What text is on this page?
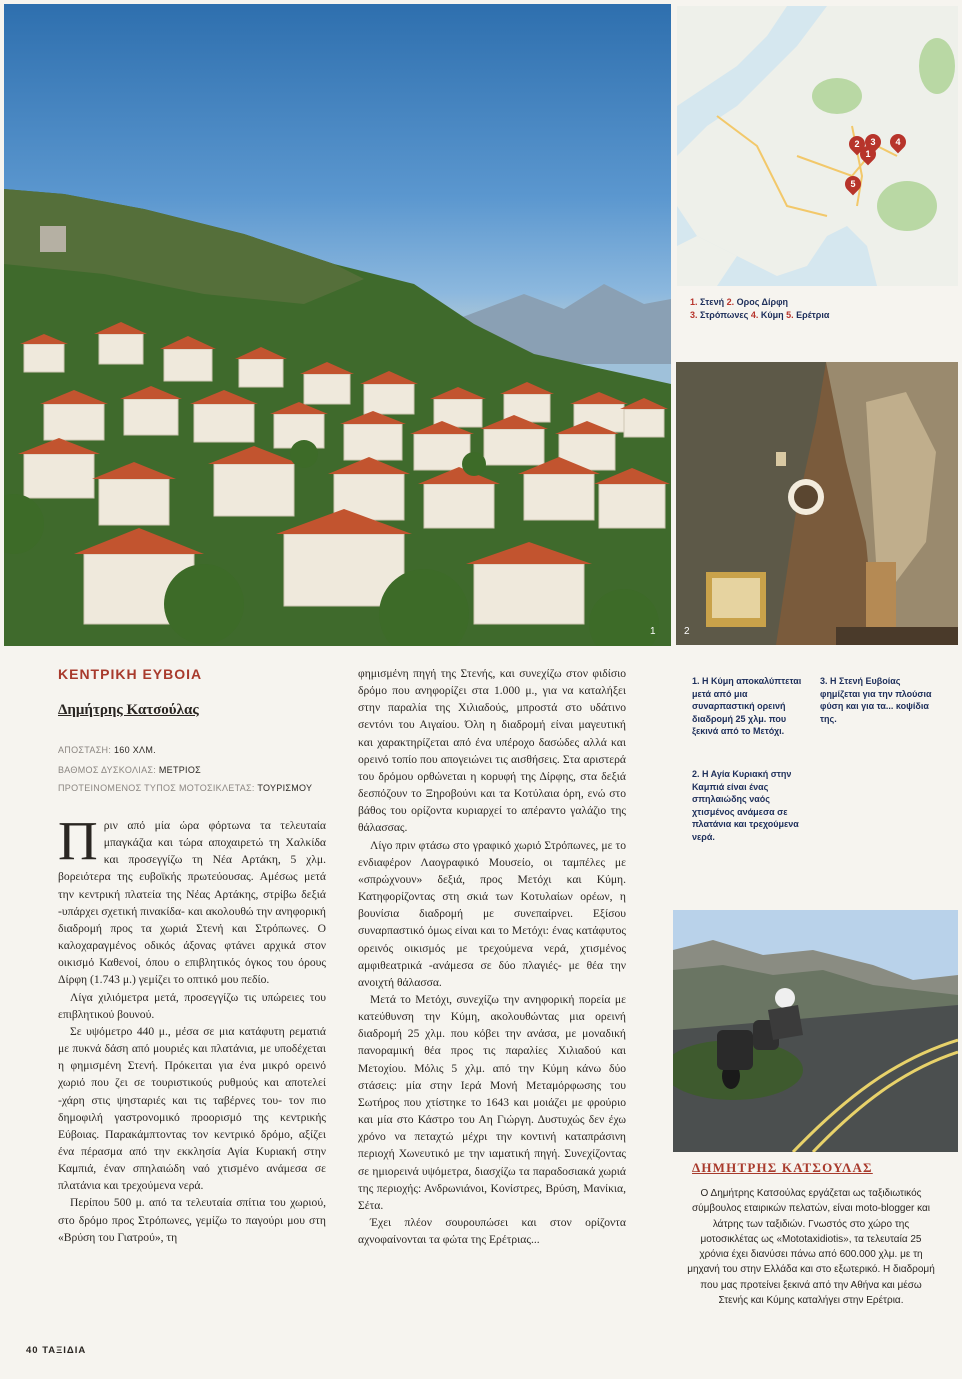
1
2
1
3	4
5
1. Στενή 2. Ορος Δίρφη
3. Στρόπωνες 4. Κύμη 5. Ερέτρια
2
ΚΕΝΤΡΙΚΗ ΕΥΒΟΙΑ
Δημήτρης Κατσούλας
ΑΠΟΣΤΑΣΗ: 160 ΧΛΜ.
ΒΑΘΜΟΣ ΔΥΣΚΟΛΙΑΣ: ΜΕΤΡΙΟΣ
ΠΡΟΤΕΙΝΟΜΕΝΟΣ ΤΥΠΟΣ ΜΟΤΟΣΙΚΛΕΤΑΣ: ΤΟΥΡΙΣΜΟΥ

Πριν από μία ώρα φόρτωνα τα τελευταία μπαγκάζια και τώρα αποχαιρετώ τη Χαλκίδα και προσεγγίζω τη Νέα Αρτάκη, 5 χλμ. βορειότερα της ευβοϊκής πρωτεύουσας. Αμέσως μετά την κεντρική πλατεία της Νέας Αρτάκης, στρίβω δεξιά -υπάρχει σχετική πινακίδα- και ακολουθώ την ανηφορική διαδρομή προς τα χωριά Στενή και Στρόπωνες. Ο καλοχαραγμένος οδικός άξονας φτάνει αρχικά στον οικισμό Καθενοί, όπου ο επιβλητικός όγκος του όρους Δίρφη (1.743 μ.) γεμίζει το οπτικό μου πεδίο.

Λίγα χιλιόμετρα μετά, προσεγγίζω τις υπώρειες του επιβλητικού βουνού.

Σε υψόμετρο 440 μ., μέσα σε μια κατάφυτη ρεματιά με πυκνά δάση από μουριές και πλατάνια, με υποδέχεται η φημισμένη Στενή. Πρόκειται για ένα μικρό ορεινό χωριό που ζει σε τουριστικούς ρυθμούς και αποτελεί -χάρη στις ψησταριές και τις ταβέρνες του- τον πιο δημοφιλή γαστρονομικό προορισμό της κεντρικής Εύβοιας. Παρακάμπτοντας τον κεντρικό δρόμο, αξίζει ένα πέρασμα από την εκκλησία Αγία Κυριακή στην Καμπιά, έναν σπηλαιώδη ναό χτισμένο ανάμεσα σε πλατάνια και τρεχούμενα νερά.

Περίπου 500 μ. από τα τελευταία σπίτια του χωριού, στο δρόμο προς Στρόπωνες, γεμίζω το παγούρι μου στη «Βρύση του Γιατρού», τη

φημισμένη πηγή της Στενής, και συνεχίζω στον φιδίσιο δρόμο που ανηφορίζει στα 1.000 μ., για να καταλήξει στην παραλία της Χιλιαδούς, μπροστά στο υδάτινο σεντόνι του Αιγαίου. Όλη η διαδρομή είναι μαγευτική και χαρακτηρίζεται από ένα υπέροχο δασώδες αλλά και ορεινό τοπίο που απογειώνει τις αισθήσεις. Στα αριστερά του δρόμου ορθώνεται η κορυφή της Δίρφης, στα δεξιά δεσπόζουν το Ξηροβούνι και τα Κοτύλαια όρη, ενώ στο βάθος του ορίζοντα κυριαρχεί το απέραντο γαλάζιο της θάλασσας.

Λίγο πριν φτάσω στο γραφικό χωριό Στρόπωνες, με το ενδιαφέρον Λαογραφικό Μουσείο, οι ταμπέλες με «σπρώχνουν» δεξιά, προς Μετόχι και Κύμη. Κατηφορίζοντας στη σκιά των Κοτυλαίων ορέων, η βουνίσια διαδρομή με συνεπαίρνει. Εξίσου συναρπαστικό όμως είναι και το Μετόχι: ένας κατάφυτος ορεινός οικισμός με τρεχούμενα νερά, χτισμένος αμφιθεατρικά -ανάμεσα σε δύο πλαγιές- με θέα την ανοιχτή θάλασσα.

Μετά το Μετόχι, συνεχίζω την ανηφορική πορεία με κατεύθυνση την Κύμη, ακολουθώντας μια ορεινή διαδρομή 25 χλμ. που κόβει την ανάσα, με μοναδική πανοραμική θέα προς τις παραλίες Χιλιαδού και Μετοχίου. Μόλις 5 χλμ. από την Κύμη κάνω δύο στάσεις: μία στην Ιερά Μονή Μεταμόρφωσης του Σωτήρος που χτίστηκε το 1643 και μοιάζει με φρούριο και μία στο Κάστρο του Αη Γιώργη. Δυστυχώς δεν έχω χρόνο να πεταχτώ μέχρι την κοντινή καταπράσινη περιοχή Χωνευτικό με την ιαματική πηγή. Συνεχίζοντας σε ημιορεινά υψόμετρα, διασχίζω τα παραδοσιακά χωριά της περιοχής: Ανδρωνιάνοι, Κονίστρες, Βρύση, Μανίκια, Σέτα.

Έχει πλέον σουρουπώσει και στον ορίζοντα αχνοφαίνονται τα φώτα της Ερέτριας...

1. Η Κύμη αποκαλύπτεται μετά από μια συναρπαστική ορεινή διαδρομή 25 χλμ. που ξεκινά από το Μετόχι.
2. Η Αγία Κυριακή στην Καμπιά είναι ένας σπηλαιώδης ναός χτισμένος ανάμεσα σε πλατάνια και τρεχούμενα νερά.
3. Η Στενή Ευβοίας φημίζεται για την πλούσια φύση και για τα... κοψίδια της.
ΔΗΜΗΤΡΗΣ ΚΑΤΣΟΥΛΑΣ
Ο Δημήτρης Κατσούλας εργάζεται ως ταξιδιωτικός σύμβουλος εταιρικών πελατών, είναι moto-blogger και λάτρης των ταξιδιών. Γνωστός στο χώρο της μοτοσικλέτας ως «Mototaxidiotis», τα τελευταία 25 χρόνια έχει διανύσει πάνω από 600.000 χλμ. με τη μηχανή του στην Ελλάδα και στο εξωτερικό. Η διαδρομή που μας προτείνει ξεκινά από την Αθήνα και μέσω Στενής και Κύμης καταλήγει στην Ερέτρια.
40 ΤΑΞΙΔΙΑ
